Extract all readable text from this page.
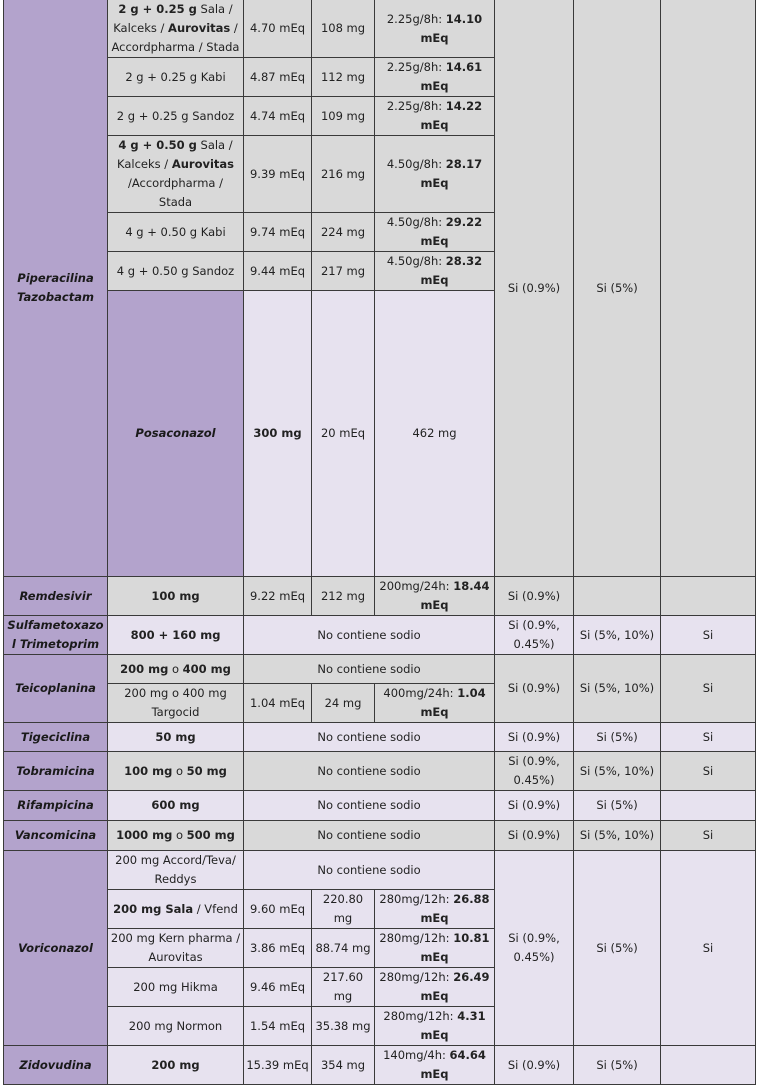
Piperacilina Tazobactam	2 g + 0.25 g Sala / Kalceks / Aurovitas / Accordpharma / Stada	4.70 mEq	108 mg	2.25g/8h: 14.10 mEq	Si (0.9%)	Si (5%)		
	2 g + 0.25 g Kabi	4.87 mEq	112 mg	2.25g/8h: 14.61 mEq				
	2 g + 0.25 g Sandoz	4.74 mEq	109 mg	2.25g/8h: 14.22 mEq				
	4 g + 0.50 g Sala / Kalceks / Aurovitas /Accordpharma / Stada	9.39 mEq	216 mg	4.50g/8h: 28.17 mEq				
	4 g + 0.50 g Kabi	9.74 mEq	224 mg	4.50g/8h: 29.22 mEq				
	4 g + 0.50 g Sandoz	9.44 mEq	217 mg	4.50g/8h: 28.32 mEq				
	Posaconazol	300 mg	20 mEq	462 mg				
Remdesivir	100 mg	9.22 mEq	212 mg	200mg/24h: 18.44 mEq	Si (0.9%)			
Sulfametoxazol Trimetoprim	800 + 160 mg	No contiene sodio			Si (0.9%, 0.45%)	Si (5%, 10%)	Si	
Teicoplanina	200 mg o 400 mg	No contiene sodio			Si (0.9%)	Si (5%, 10%)	Si	
	200 mg o 400 mg Targocid	1.04 mEq	24 mg	400mg/24h: 1.04 mEq				
Tigeciclina	50 mg	No contiene sodio			Si (0.9%)	Si (5%)	Si	
Tobramicina	100 mg o 50 mg	No contiene sodio			Si (0.9%, 0.45%)	Si (5%, 10%)	Si	
Rifampicina	600 mg	No contiene sodio			Si (0.9%)	Si (5%)		
Vancomicina	1000 mg o 500 mg	No contiene sodio			Si (0.9%)	Si (5%, 10%)	Si	
Voriconazol	200 mg Accord/Teva/ Reddys	No contiene sodio			Si (0.9%, 0.45%)	Si (5%)	Si	
	200 mg Sala / Vfend	9.60 mEq	220.80 mg	280mg/12h: 26.88 mEq				
	200 mg Kern pharma / Aurovitas	3.86 mEq	88.74 mg	280mg/12h: 10.81 mEq				
	200 mg Hikma	9.46 mEq	217.60 mg	280mg/12h: 26.49 mEq				
	200 mg Normon	1.54 mEq	35.38 mg	280mg/12h: 4.31 mEq				
Zidovudina	200 mg	15.39 mEq	354 mg	140mg/4h: 64.64 mEq	Si (0.9%)	Si (5%)		
